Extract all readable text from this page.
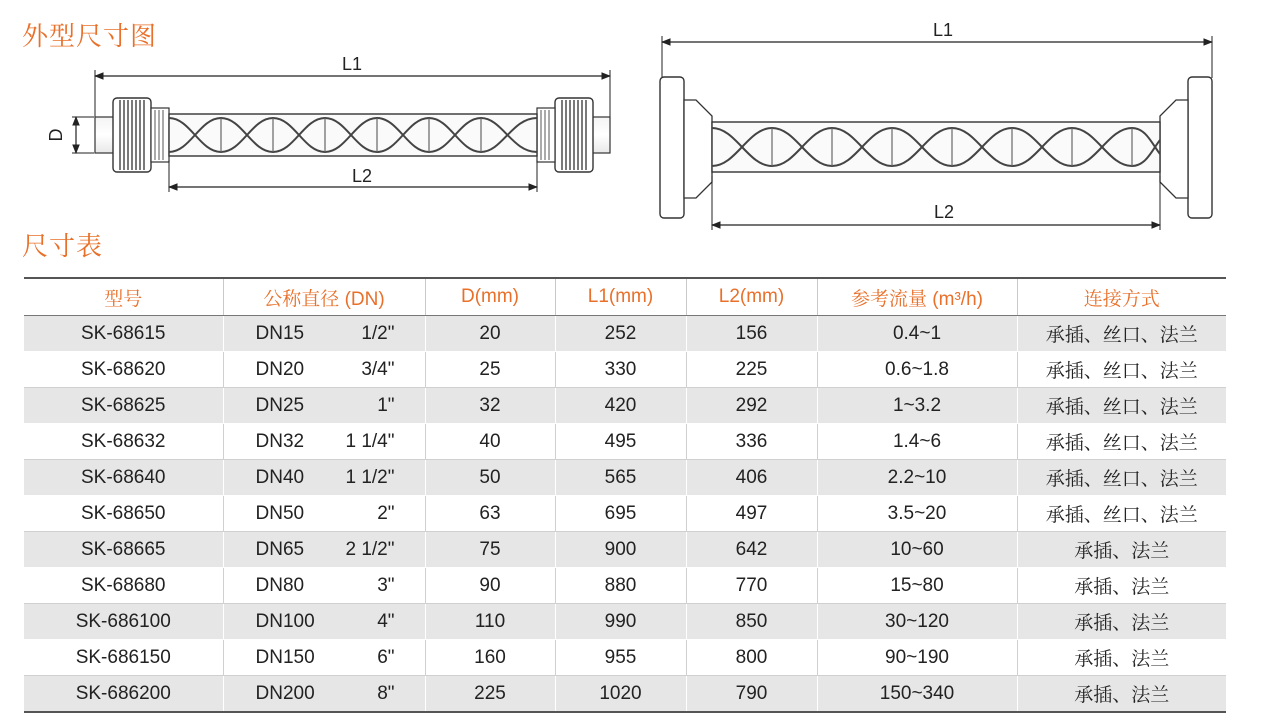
外型尺寸图
尺寸表
L1
D
L2
L1
L2
型号	公称直径 (DN)	D(mm)	L1(mm)	L2(mm)	参考流量 (m³/h)	连接方式
SK-68615	DN15 1/2"	20	252	156	0.4~1	承插、丝口、法兰
SK-68620	DN20 3/4"	25	330	225	0.6~1.8	承插、丝口、法兰
SK-68625	DN25 1"	32	420	292	1~3.2	承插、丝口、法兰
SK-68632	DN32 1 1/4"	40	495	336	1.4~6	承插、丝口、法兰
SK-68640	DN40 1 1/2"	50	565	406	2.2~10	承插、丝口、法兰
SK-68650	DN50 2"	63	695	497	3.5~20	承插、丝口、法兰
SK-68665	DN65 2 1/2"	75	900	642	10~60	承插、法兰
SK-68680	DN80 3"	90	880	770	15~80	承插、法兰
SK-686100	DN100 4"	110	990	850	30~120	承插、法兰
SK-686150	DN150 6"	160	955	800	90~190	承插、法兰
SK-686200	DN200 8"	225	1020	790	150~340	承插、法兰
